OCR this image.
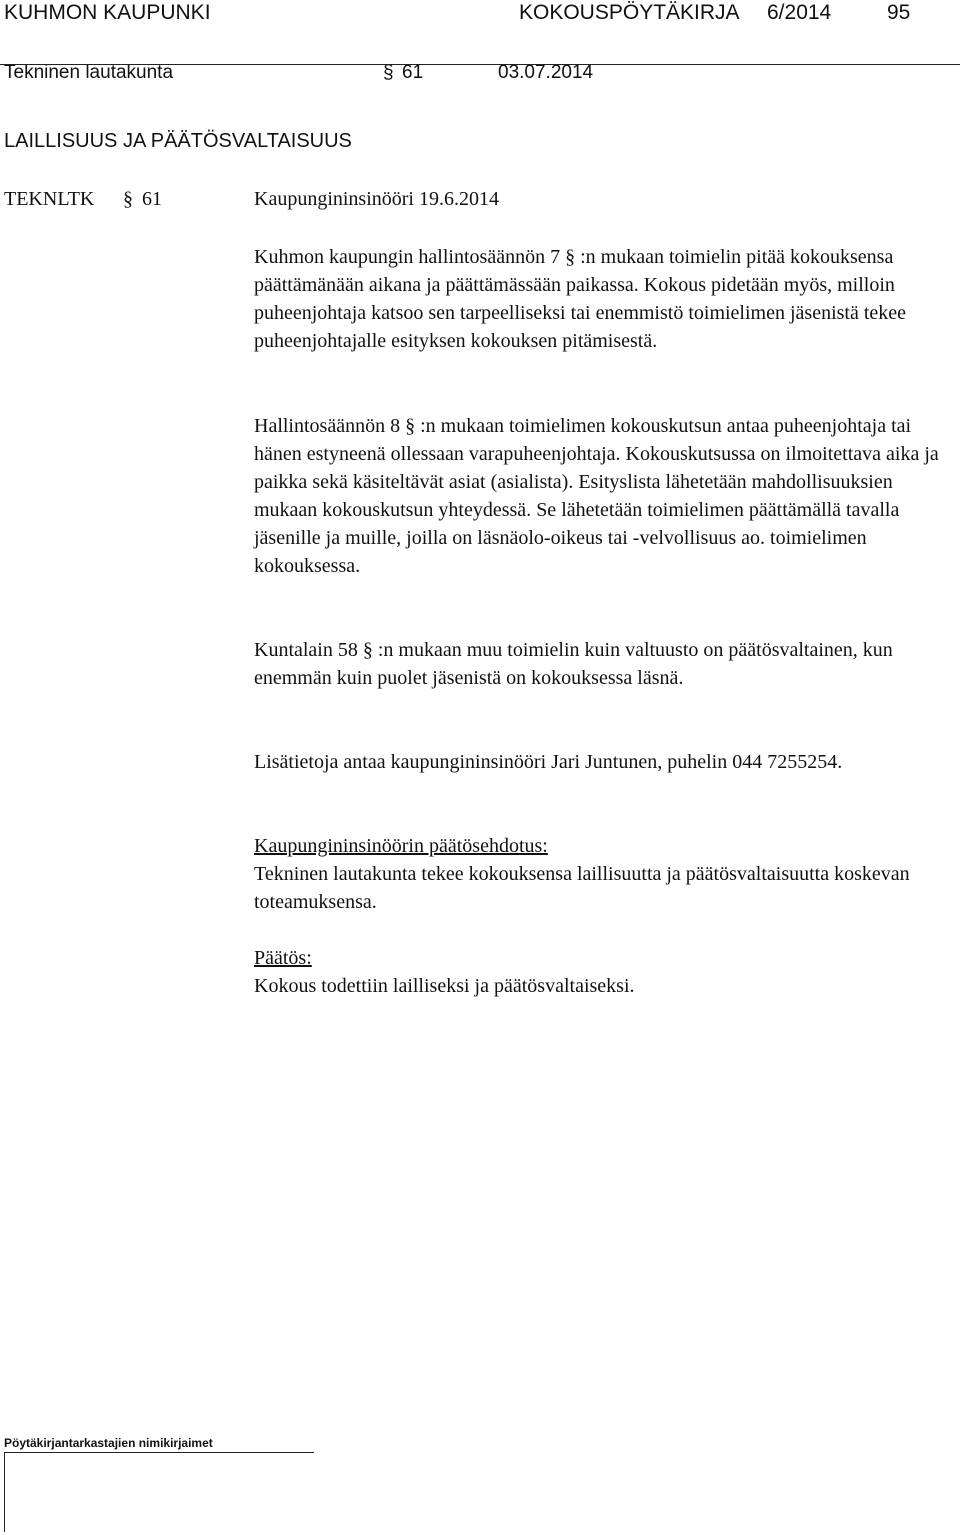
KUHMON KAUPUNKI	KOKOUSPÖYTÄKIRJA 6/2014	95
Tekninen lautakunta	§ 61	03.07.2014
LAILLISUUS JA PÄÄTÖSVALTAISUUS
TEKNLTK § 61	Kaupungininsinööri 19.6.2014

Kuhmon kaupungin hallintosäännön 7 § :n mukaan toimielin pitää kokouksensa päättämänään aikana ja päättämässään paikassa. Kokous pidetään myös, milloin puheenjohtaja katsoo sen tarpeelliseksi tai enemmistö toimielimen jäsenistä tekee puheenjohtajalle esityksen kokouksen pitämisestä.

Hallintosäännön 8 § :n mukaan toimielimen kokouskutsun antaa puheenjohtaja tai hänen estyneenä ollessaan varapuheenjohtaja. Kokouskutsussa on ilmoitettava aika ja paikka sekä käsiteltävät asiat (asialista). Esityslista lähetetään mahdollisuuksien mukaan kokouskutsun yhteydessä. Se lähetetään toimielimen päättämällä tavalla jäsenille ja muille, joilla on läsnäolo-oikeus tai -velvollisuus ao. toimielimen kokouksessa.

Kuntalain 58 § :n mukaan muu toimielin kuin valtuusto on päätösvaltainen, kun enemmän kuin puolet jäsenistä on kokouksessa läsnä.

Lisätietoja antaa kaupungininsinööri Jari Juntunen, puhelin 044 7255254.

Kaupungininsinöörin päätösehdotus:

Tekninen lautakunta tekee kokouksensa laillisuutta ja päätösvaltaisuutta koskevan toteamuksensa.

Päätös:

Kokous todettiin lailliseksi ja päätösvaltaiseksi.

Pöytäkirjantarkastajien nimikirjaimet
